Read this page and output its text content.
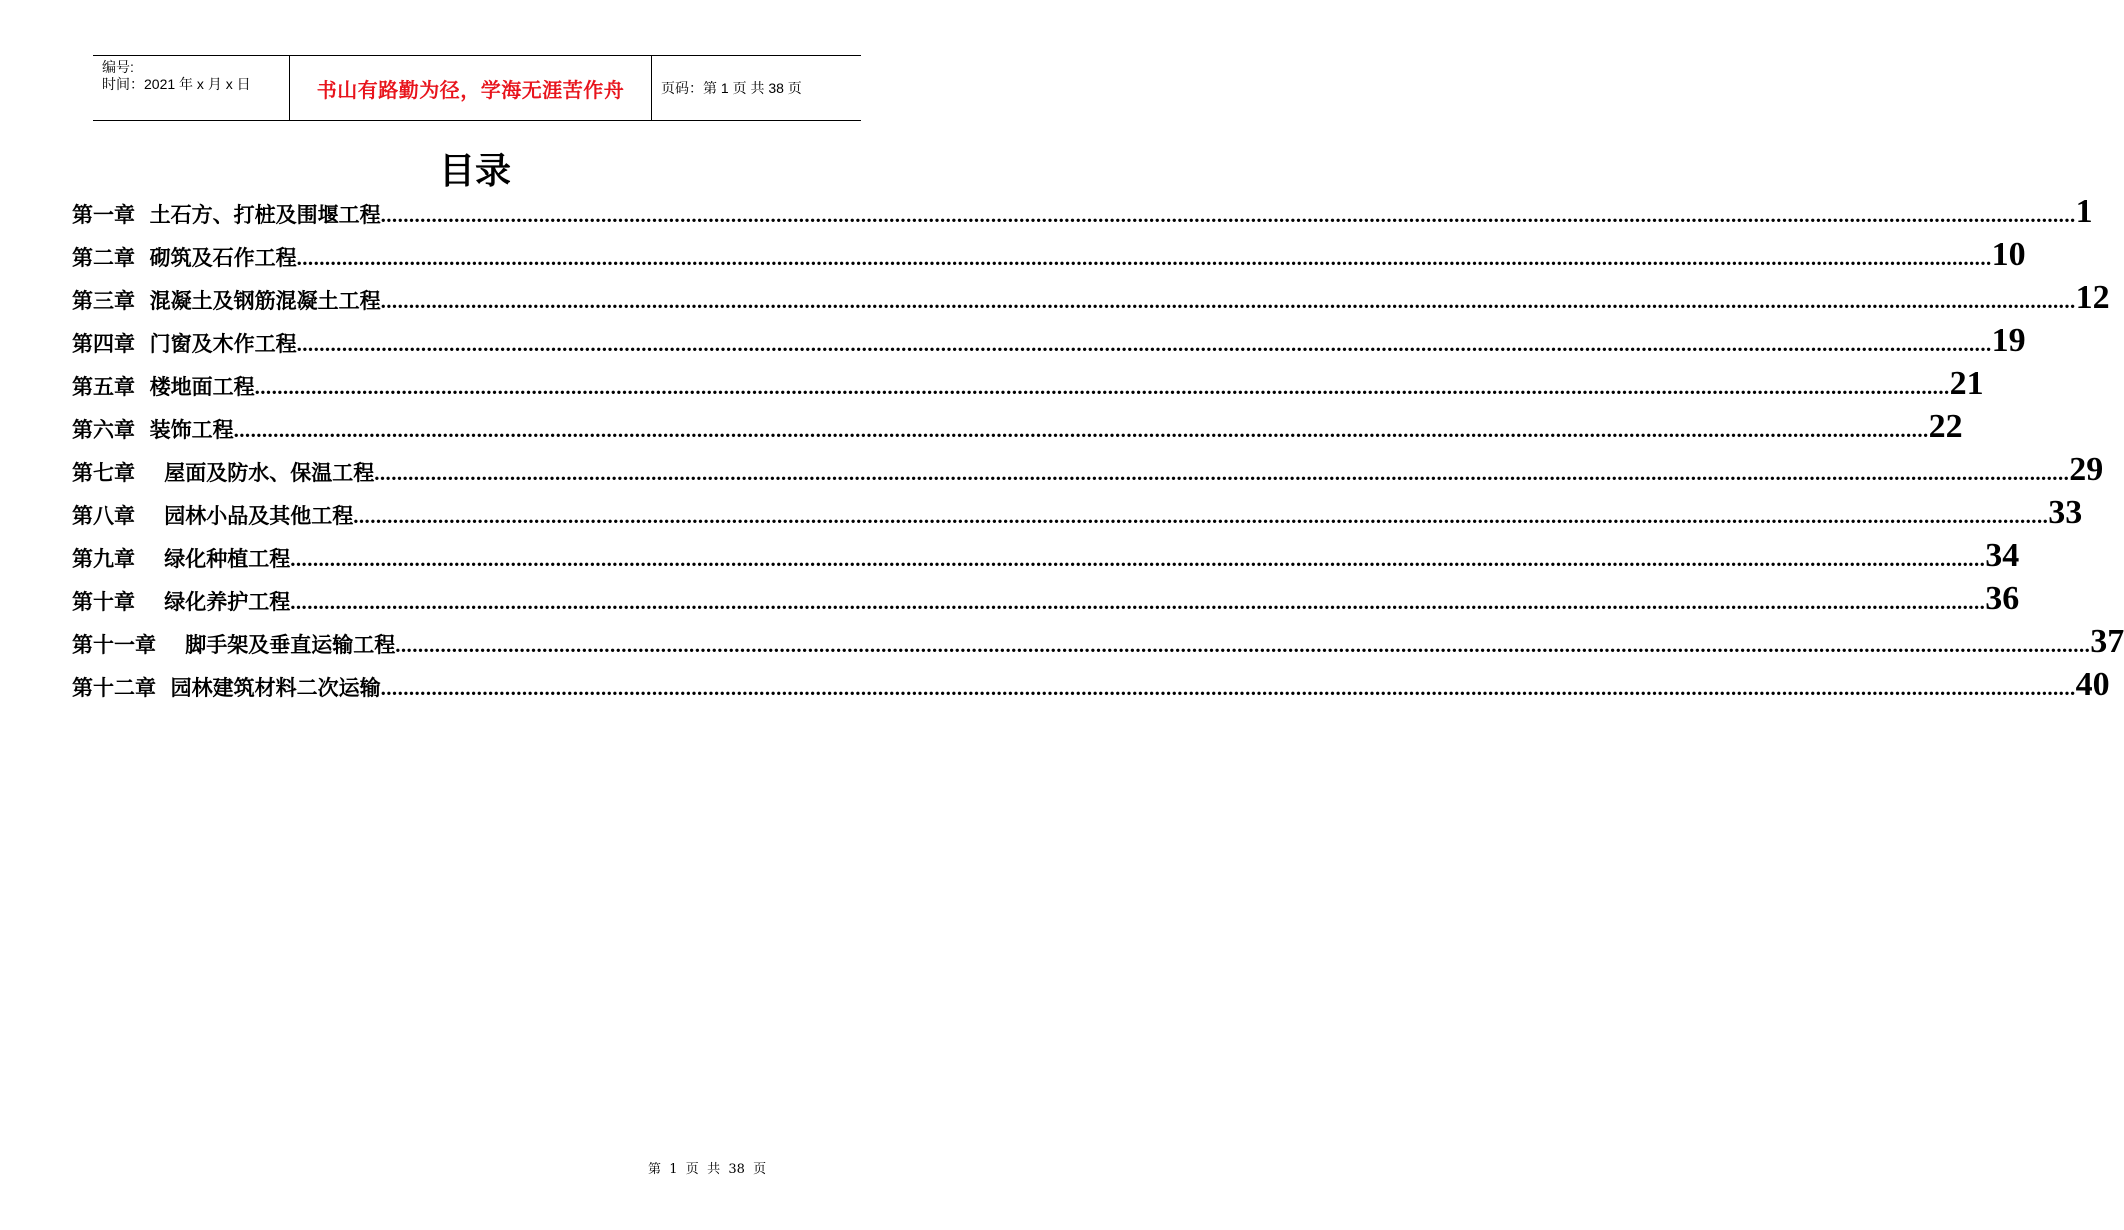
编号:
时间：2021 年 x 月 x 日	书山有路勤为径，学海无涯苦作舟	页码：第 1 页 共 38 页
目录
第一章  土石方、打桩及围堰工程 ............................................................................................................................................................................................................................................................................................................ 1
第二章  砌筑及石作工程 ............................................................................................................................................................................................................................................................................................................ 10
第三章  混凝土及钢筋混凝土工程 ............................................................................................................................................................................................................................................................................................................ 12
第四章  门窗及木作工程 ............................................................................................................................................................................................................................................................................................................ 19
第五章  楼地面工程 ............................................................................................................................................................................................................................................................................................................ 21
第六章  装饰工程 ............................................................................................................................................................................................................................................................................................................ 22
第七章    屋面及防水、保温工程 ............................................................................................................................................................................................................................................................................................................ 29
第八章    园林小品及其他工程 ............................................................................................................................................................................................................................................................................................................ 33
第九章    绿化种植工程 ............................................................................................................................................................................................................................................................................................................ 34
第十章    绿化养护工程 ............................................................................................................................................................................................................................................................................................................ 36
第十一章    脚手架及垂直运输工程 ............................................................................................................................................................................................................................................................................................................ 37
第十二章  园林建筑材料二次运输 ............................................................................................................................................................................................................................................................................................................ 40
第  1  页  共  38  页
